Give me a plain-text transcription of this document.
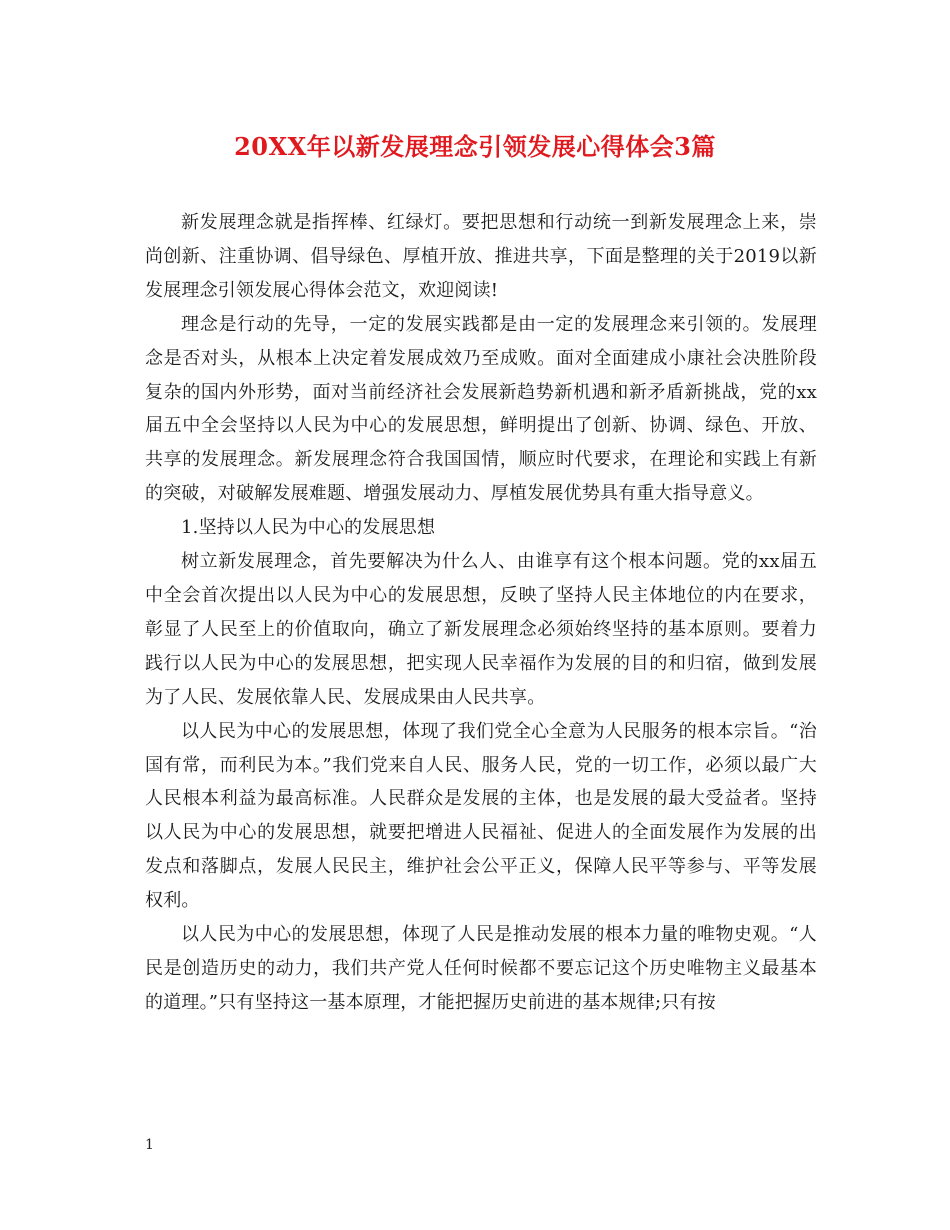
20XX年以新发展理念引领发展心得体会3篇

新发展理念就是指挥棒、红绿灯。要把思想和行动统一到新发展理念上来，崇尚创新、注重协调、倡导绿色、厚植开放、推进共享，下面是整理的关于2019以新发展理念引领发展心得体会范文，欢迎阅读!

理念是行动的先导，一定的发展实践都是由一定的发展理念来引领的。发展理念是否对头，从根本上决定着发展成效乃至成败。面对全面建成小康社会决胜阶段复杂的国内外形势，面对当前经济社会发展新趋势新机遇和新矛盾新挑战，党的xx届五中全会坚持以人民为中心的发展思想，鲜明提出了创新、协调、绿色、开放、共享的发展理念。新发展理念符合我国国情，顺应时代要求，在理论和实践上有新的突破，对破解发展难题、增强发展动力、厚植发展优势具有重大指导意义。

1.坚持以人民为中心的发展思想

树立新发展理念，首先要解决为什么人、由谁享有这个根本问题。党的xx届五中全会首次提出以人民为中心的发展思想，反映了坚持人民主体地位的内在要求，彰显了人民至上的价值取向，确立了新发展理念必须始终坚持的基本原则。要着力践行以人民为中心的发展思想，把实现人民幸福作为发展的目的和归宿，做到发展为了人民、发展依靠人民、发展成果由人民共享。

以人民为中心的发展思想，体现了我们党全心全意为人民服务的根本宗旨。“治国有常，而利民为本。”我们党来自人民、服务人民，党的一切工作，必须以最广大人民根本利益为最高标准。人民群众是发展的主体，也是发展的最大受益者。坚持以人民为中心的发展思想，就要把增进人民福祉、促进人的全面发展作为发展的出发点和落脚点，发展人民民主，维护社会公平正义，保障人民平等参与、平等发展权利。

以人民为中心的发展思想，体现了人民是推动发展的根本力量的唯物史观。“人民是创造历史的动力，我们共产党人任何时候都不要忘记这个历史唯物主义最基本的道理。”只有坚持这一基本原理，才能把握历史前进的基本规律;只有按

1
